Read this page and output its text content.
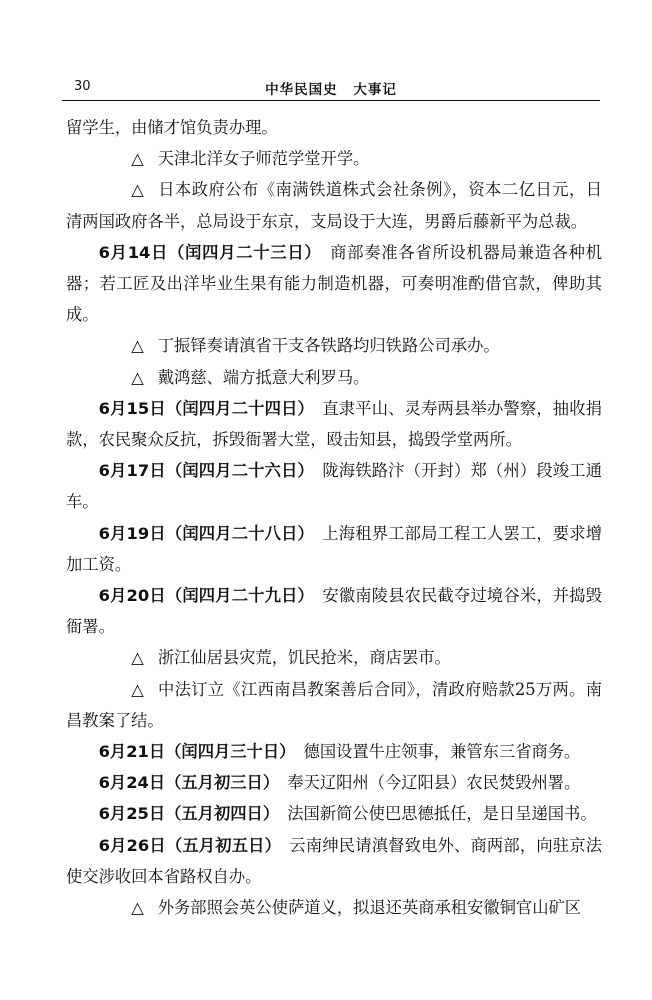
30	中华民国史 大事记

留学生，由储才馆负责办理。

△ 天津北洋女子师范学堂开学。

△ 日本政府公布《南满铁道株式会社条例》，资本二亿日元，日清两国政府各半，总局设于东京，支局设于大连，男爵后藤新平为总裁。

6月14日（闰四月二十三日）　 商部奏准各省所设机器局兼造各种机器；若工匠及出洋毕业生果有能力制造机器，可奏明准酌借官款，俾助其成。

△ 丁振铎奏请滇省干支各铁路均归铁路公司承办。

△ 戴鸿慈、端方抵意大利罗马。

6月15日（闰四月二十四日）　 直隶平山、灵寿两县举办警察，抽收捐款，农民聚众反抗，拆毁衙署大堂，殴击知县，捣毁学堂两所。

6月17日（闰四月二十六日）　 陇海铁路汴（开封）郑（州）段竣工通车。

6月19日（闰四月二十八日）　 上海租界工部局工程工人罢工，要求增加工资。

6月20日（闰四月二十九日）　 安徽南陵县农民截夺过境谷米，并捣毁衙署。

△ 浙江仙居县灾荒，饥民抢米，商店罢市。

△ 中法订立《江西南昌教案善后合同》，清政府赔款25万两。南昌教案了结。

6月21日（闰四月三十日）　 德国设置牛庄领事，兼管东三省商务。

6月24日（五月初三日）　 奉天辽阳州（今辽阳县）农民焚毁州署。

6月25日（五月初四日）　 法国新简公使巴思德抵任，是日呈递国书。

6月26日（五月初五日）　 云南绅民请滇督致电外、商两部，向驻京法使交涉收回本省路权自办。

△ 外务部照会英公使萨道义，拟退还英商承租安徽铜官山矿区
